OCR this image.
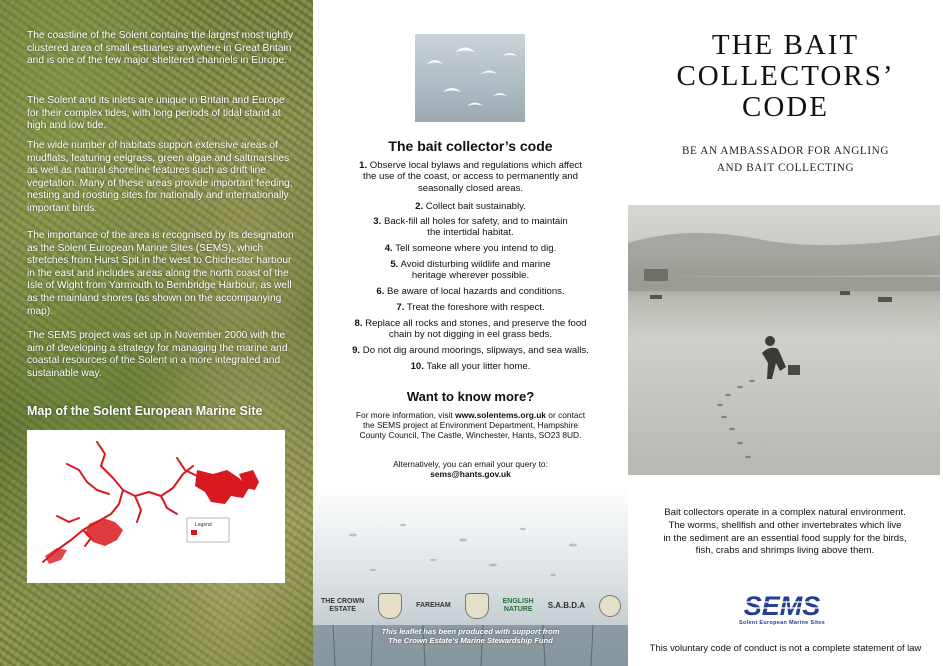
The coastline of the Solent contains the largest most tightly clustered area of small estuaries anywhere in Great Britain and is one of the few major sheltered channels in Europe.

The Solent and its inlets are unique in Britain and Europe for their complex tides, with long periods of tidal stand at high and low tide.

The wide number of habitats support extensive areas of mudflats, featuring eelgrass, green algae and saltmarshes as well as natural shoreline features such as drift line vegetation. Many of these areas provide important feeding, nesting and roosting sites for nationally and internationally important birds.

The importance of the area is recognised by its designation as the Solent European Marine Sites (SEMS), which stretches from Hurst Spit in the west to Chichester harbour in the east and includes areas along the north coast of the Isle of Wight from Yarmouth to Bembridge Harbour, as well as the mainland shores (as shown on the accompanying map).

The SEMS project was set up in November 2000 with the aim of developing a strategy for managing the marine and coastal resources of the Solent in a more integrated and sustainable way.

Map of the Solent European Marine Site
Legend
The bait collector’s code
1. Observe local bylaws and regulations which affect
the use of the coast, or access to permanently and
seasonally closed areas.
2. Collect bait sustainably.
3. Back-fill all holes for safety, and to maintain
the intertidal habitat.
4. Tell someone where you intend to dig.
5. Avoid disturbing wildlife and marine
heritage wherever possible.
6. Be aware of local hazards and conditions.
7. Treat the foreshore with respect.
8. Replace all rocks and stones, and preserve the food
chain by not digging in eel grass beds.
9. Do not dig around moorings, slipways, and sea walls.
10. Take all your litter home.
Want to know more?

For more information, visit www.solentems.org.uk or contact the SEMS project at Environment Department, Hampshire County Council, The Castle, Winchester, Hants, SO23 8UD.

Alternatively, you can email your query to:
sems@hants.gov.uk

THE CROWN
ESTATE
FAREHAM
ENGLISH
NATURE S.A.B.D.A
This leaflet has been produced with support from
The Crown Estate's Marine Stewardship Fund
THE BAIT
COLLECTORS’
CODE

BE AN AMBASSADOR FOR ANGLING
AND BAIT COLLECTING

Bait collectors operate in a complex natural environment.
The worms, shellfish and other invertebrates which live
in the sediment are an essential food supply for the birds,
fish, crabs and shrimps living above them.

SEMS
Solent European Marine Sites

This voluntary code of conduct is not a complete statement of law
